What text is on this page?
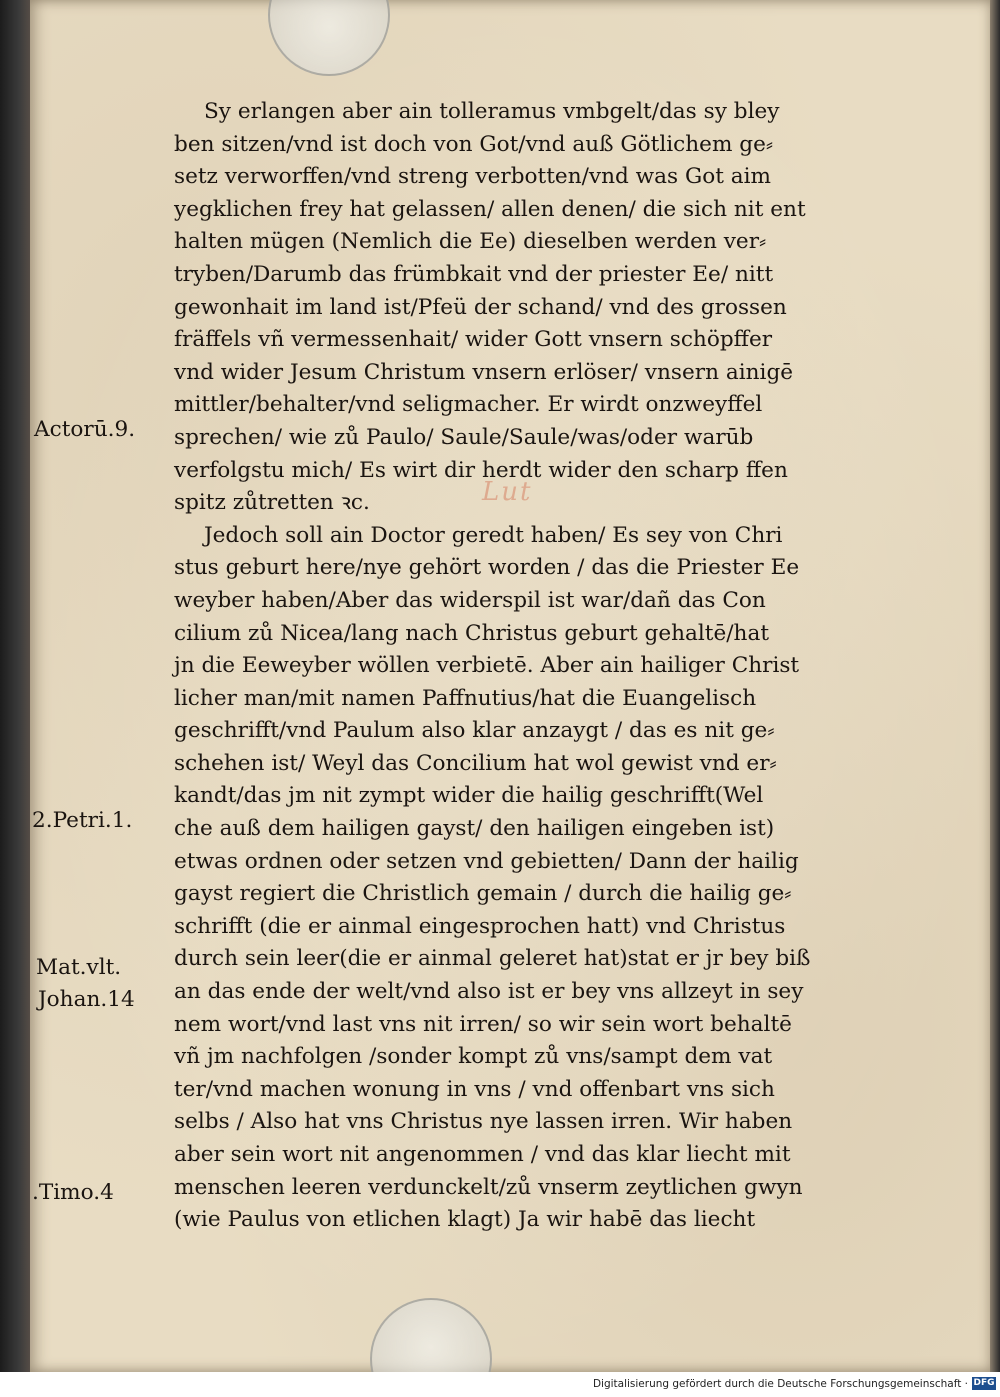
Lut
Sy erlangen aber ain tolleramus vmbgelt/das sy bley
ben sitzen/vnd ist doch von Got/vnd auß Götlichem ge⸗
setz verworffen/vnd streng verbotten/vnd was Got aim
yegklichen frey hat gelassen/ allen denen/ die sich nit ent
halten mügen (Nemlich die Ee) dieselben werden ver⸗
tryben/Darumb das frümbkait vnd der priester Ee/ nitt
gewonhait im land ist/Pfeü der schand/ vnd des grossen
fräffels vñ vermessenhait/ wider Gott vnsern schöpffer
vnd wider Jesum Christum vnsern erlöser/ vnsern ainigē
mittler/behalter/vnd seligmacher. Er wirdt onzweyffel
sprechen/ wie zů Paulo/ Saule/Saule/was/oder warūb
verfolgstu mich/ Es wirt dir herdt wider den scharp ffen
spitz zůtretten ꝛc.
Jedoch soll ain Doctor geredt haben/ Es sey von Chri
stus geburt here/nye gehört worden / das die Priester Ee
weyber haben/Aber das widerspil ist war/dañ das Con
cilium zů Nicea/lang nach Christus geburt gehaltē/hat
jn die Eeweyber wöllen verbietē. Aber ain hailiger Christ
licher man/mit namen Paffnutius/hat die Euangelisch
geschrifft/vnd Paulum also klar anzaygt / das es nit ge⸗
schehen ist/ Weyl das Concilium hat wol gewist vnd er⸗
kandt/das jm nit zympt wider die hailig geschrifft(Wel
che auß dem hailigen gayst/ den hailigen eingeben ist)
etwas ordnen oder setzen vnd gebietten/ Dann der hailig
gayst regiert die Christlich gemain / durch die hailig ge⸗
schrifft (die er ainmal eingesprochen hatt) vnd Christus
durch sein leer(die er ainmal geleret hat)stat er jr bey biß
an das ende der welt/vnd also ist er bey vns allzeyt in sey
nem wort/vnd last vns nit irren/ so wir sein wort behaltē
vñ jm nachfolgen /sonder kompt zů vns/sampt dem vat
ter/vnd machen wonung in vns / vnd offenbart vns sich
selbs / Also hat vns Christus nye lassen irren. Wir haben
aber sein wort nit angenommen / vnd das klar liecht mit
menschen leeren verdunckelt/zů vnserm zeytlichen gwyn
(wie Paulus von etlichen klagt) Ja wir habē das liecht
Actorū.9.
2.Petri.1.
Mat.vlt.
Johan.14
.Timo.4
Digitalisierung gefördert durch die Deutsche Forschungsgemeinschaft · DFG
